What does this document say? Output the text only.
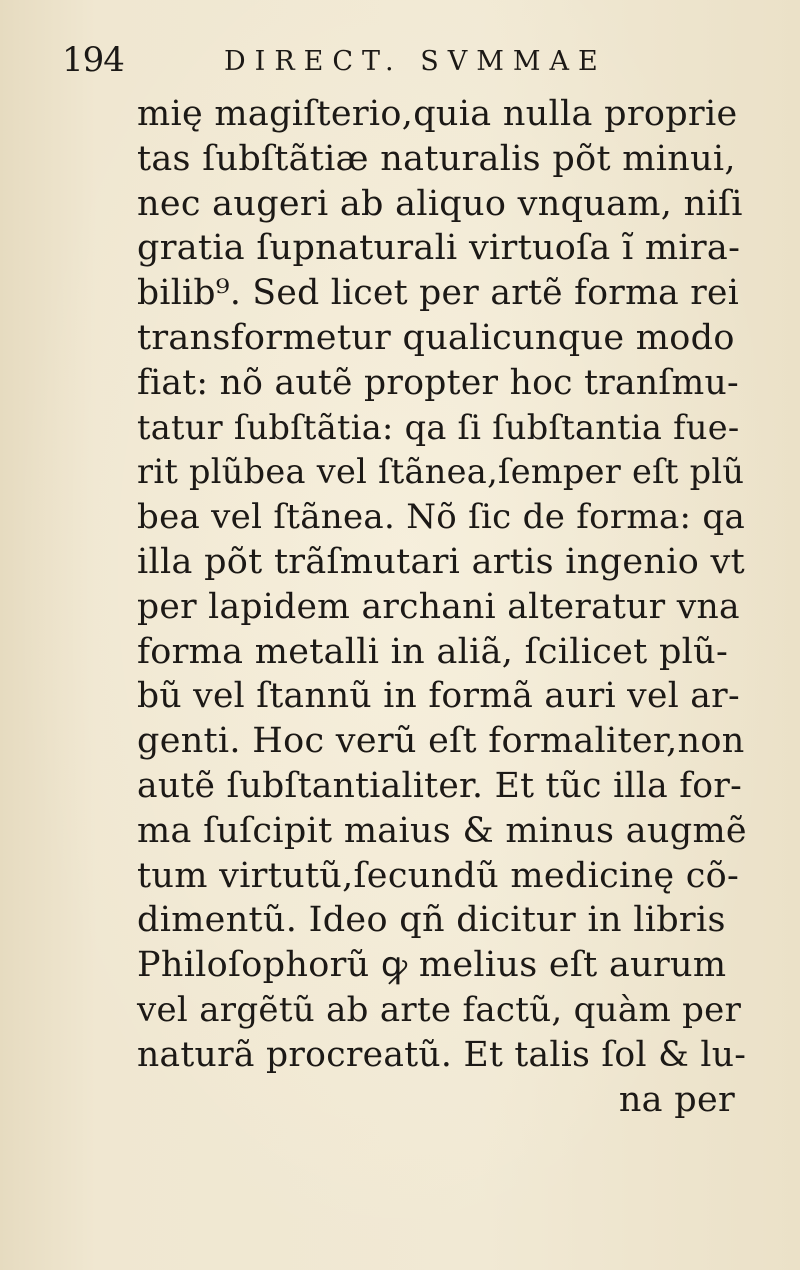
194	DIRECT. SVMMAE
mię magiſterio,quia nulla proprie
tas ſubſtãtiæ naturalis põt minui,
nec augeri ab aliquo vnquam, niſi
gratia ſupnaturali virtuoſa ĩ mira-
bilib⁹. Sed licet per artẽ forma rei
transformetur qualicunque modo
fiat: nõ autẽ propter hoc tranſmu-
tatur ſubſtãtia: qa ſi ſubſtantia fue-
rit plũbea vel ſtãnea,ſemper eſt plũ
bea vel ſtãnea. Nõ ſic de forma: qa
illa põt trãſmutari artis ingenio vt
per lapidem archani alteratur vna
forma metalli in aliã, ſcilicet plũ-
bũ vel ſtannũ in formã auri vel ar-
genti. Hoc verũ eſt formaliter,non
autẽ ſubſtantialiter. Et tũc illa for-
ma ſuſcipit maius & minus augmẽ
tum virtutũ,ſecundũ medicinę cõ-
dimentũ. Ideo qñ dicitur in libris
Philoſophorũ ꝙ melius eſt aurum
vel argẽtũ ab arte factũ, quàm per
naturã procreatũ. Et talis ſol & lu-
na per
